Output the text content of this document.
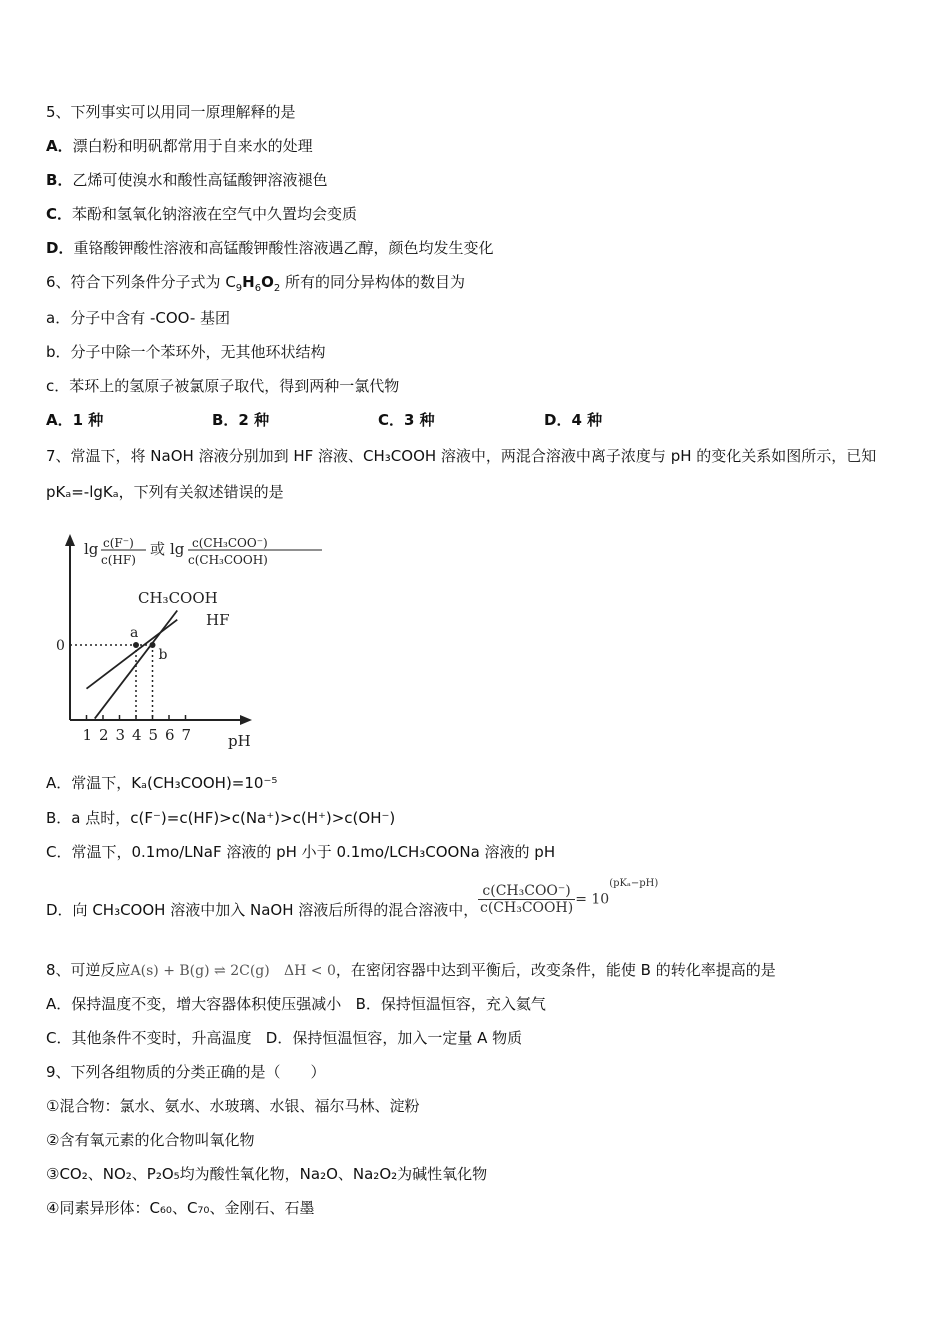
5、下列事实可以用同一原理解释的是
A．漂白粉和明矾都常用于自来水的处理
B．乙烯可使溴水和酸性高锰酸钾溶液褪色
C．苯酚和氢氧化钠溶液在空气中久置均会变质
D．重铬酸钾酸性溶液和高锰酸钾酸性溶液遇乙醇，颜色均发生变化
6、符合下列条件分子式为 $C_9H_6O_2$ 所有的同分异构体的数目为
a．分子中含有 -COO- 基团
b．分子中除一个苯环外，无其他环状结构
c．苯环上的氢原子被氯原子取代，得到两种一氯代物
A．1 种	B．2 种	C．3 种	D．4 种
7、常温下，将 NaOH 溶液分别加到 HF 溶液、CH₃COOH 溶液中，两混合溶液中离子浓度与 pH 的变化关系如图所示，已知
pKₐ=-lgKₐ，下列有关叙述错误的是
lg c(F⁻)
c(HF)
或 lg c(CH₃COO⁻)
c(CH₃COOH)
0
a
b
CH₃COOH
HF
1 2 3 4 5 6 7 pH
A．常温下，Kₐ(CH₃COOH)=10⁻⁵
B．a 点时，c(F⁻)=c(HF)>c(Na⁺)>c(H⁺)>c(OH⁻)
C．常温下，0.1mo/LNaF 溶液的 pH 小于 0.1mo/LCH₃COONa 溶液的 pH
D．向 CH₃COOH 溶液中加入 NaOH 溶液后所得的混合溶液中， $\frac{\text{c(CH₃COO⁻)}}{\text{c(CH₃COOH)}} = 10^{(pK_a-pH)}$
8、可逆反应A(s) + B(g) ⇌ 2C(g) ΔH < 0，在密闭容器中达到平衡后，改变条件，能使 B 的转化率提高的是
A．保持温度不变，增大容器体积使压强减小 B．保持恒温恒容，充入氦气
C．其他条件不变时，升高温度 D．保持恒温恒容，加入一定量 A 物质
9、下列各组物质的分类正确的是（　　）
①混合物：氯水、氨水、水玻璃、水银、福尔马林、淀粉
②含有氧元素的化合物叫氧化物
③CO₂、NO₂、P₂O₅均为酸性氧化物，Na₂O、Na₂O₂为碱性氧化物
④同素异形体：C₆₀、C₇₀、金刚石、石墨
